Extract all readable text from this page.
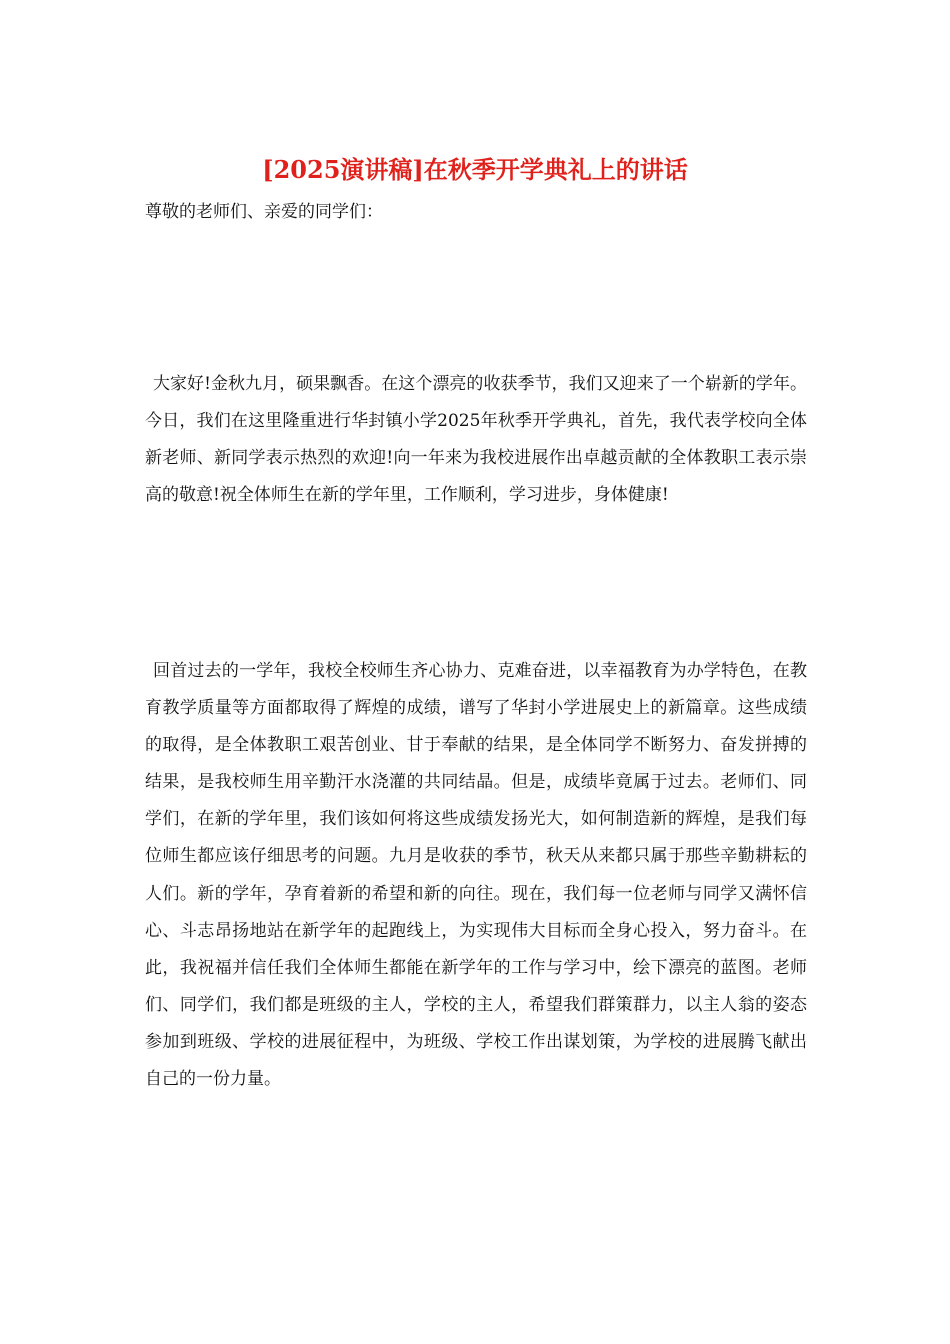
[2025演讲稿]在秋季开学典礼上的讲话

尊敬的老师们、亲爱的同学们：

大家好!金秋九月，硕果飘香。在这个漂亮的收获季节，我们又迎来了一个崭新的学年。今日，我们在这里隆重进行华封镇小学2025年秋季开学典礼，首先，我代表学校向全体新老师、新同学表示热烈的欢迎!向一年来为我校进展作出卓越贡献的全体教职工表示崇高的敬意!祝全体师生在新的学年里，工作顺利，学习进步，身体健康!

回首过去的一学年，我校全校师生齐心协力、克难奋进，以幸福教育为办学特色，在教育教学质量等方面都取得了辉煌的成绩，谱写了华封小学进展史上的新篇章。这些成绩的取得，是全体教职工艰苦创业、甘于奉献的结果，是全体同学不断努力、奋发拼搏的结果，是我校师生用辛勤汗水浇灌的共同结晶。但是，成绩毕竟属于过去。老师们、同学们，在新的学年里，我们该如何将这些成绩发扬光大，如何制造新的辉煌，是我们每位师生都应该仔细思考的问题。九月是收获的季节，秋天从来都只属于那些辛勤耕耘的人们。新的学年，孕育着新的希望和新的向往。现在，我们每一位老师与同学又满怀信心、斗志昂扬地站在新学年的起跑线上，为实现伟大目标而全身心投入，努力奋斗。在此，我祝福并信任我们全体师生都能在新学年的工作与学习中，绘下漂亮的蓝图。老师们、同学们，我们都是班级的主人，学校的主人，希望我们群策群力，以主人翁的姿态参加到班级、学校的进展征程中，为班级、学校工作出谋划策，为学校的进展腾飞献出自己的一份力量。
